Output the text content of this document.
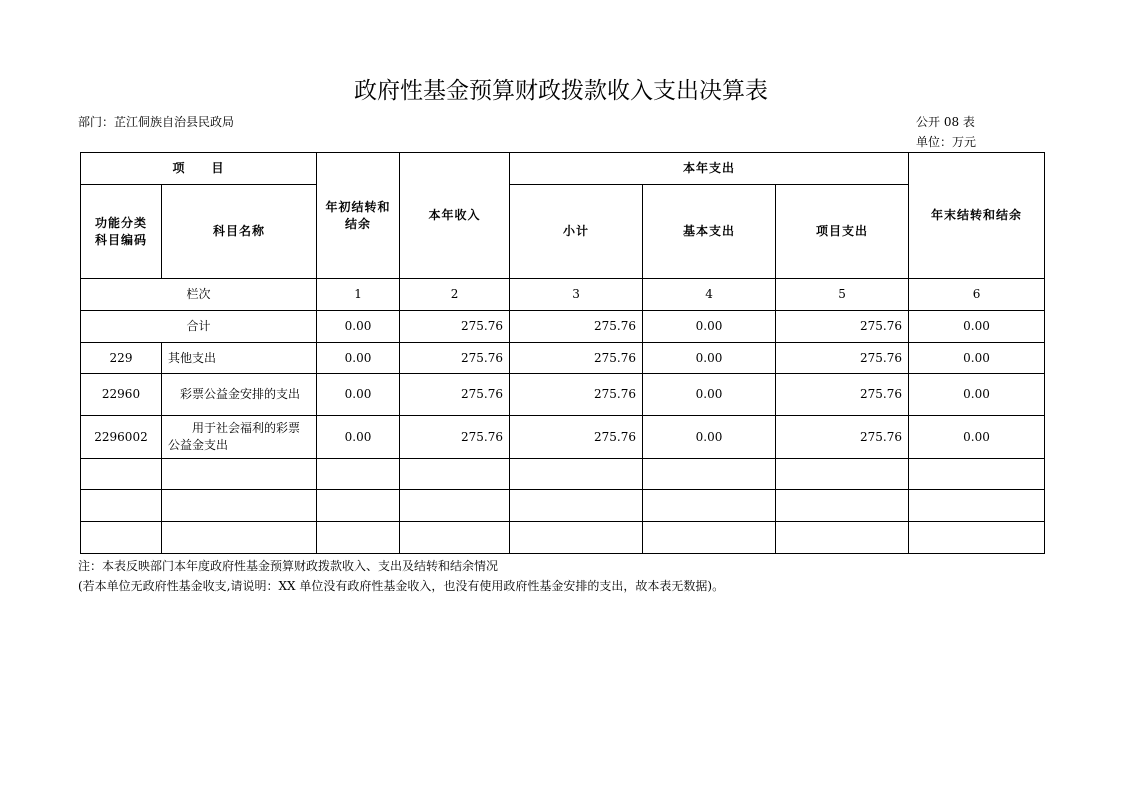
政府性基金预算财政拨款收入支出决算表
部门：芷江侗族自治县民政局	公开 08 表
单位：万元
项　　目		年初结转和结余	本年收入	本年支出			年末结转和结余
功能分类科目编码	科目名称			小计	基本支出	项目支出	
栏次		1	2	3	4	5	6
合计		0.00	275.76	275.76	0.00	275.76	0.00
229	其他支出	0.00	275.76	275.76	0.00	275.76	0.00
22960	彩票公益金安排的支出	0.00	275.76	275.76	0.00	275.76	0.00
2296002	用于社会福利的彩票公益金支出	0.00	275.76	275.76	0.00	275.76	0.00

注：本表反映部门本年度政府性基金预算财政拨款收入、支出及结转和结余情况
(若本单位无政府性基金收支,请说明：XX 单位没有政府性基金收入，也没有使用政府性基金安排的支出，故本表无数据)。
